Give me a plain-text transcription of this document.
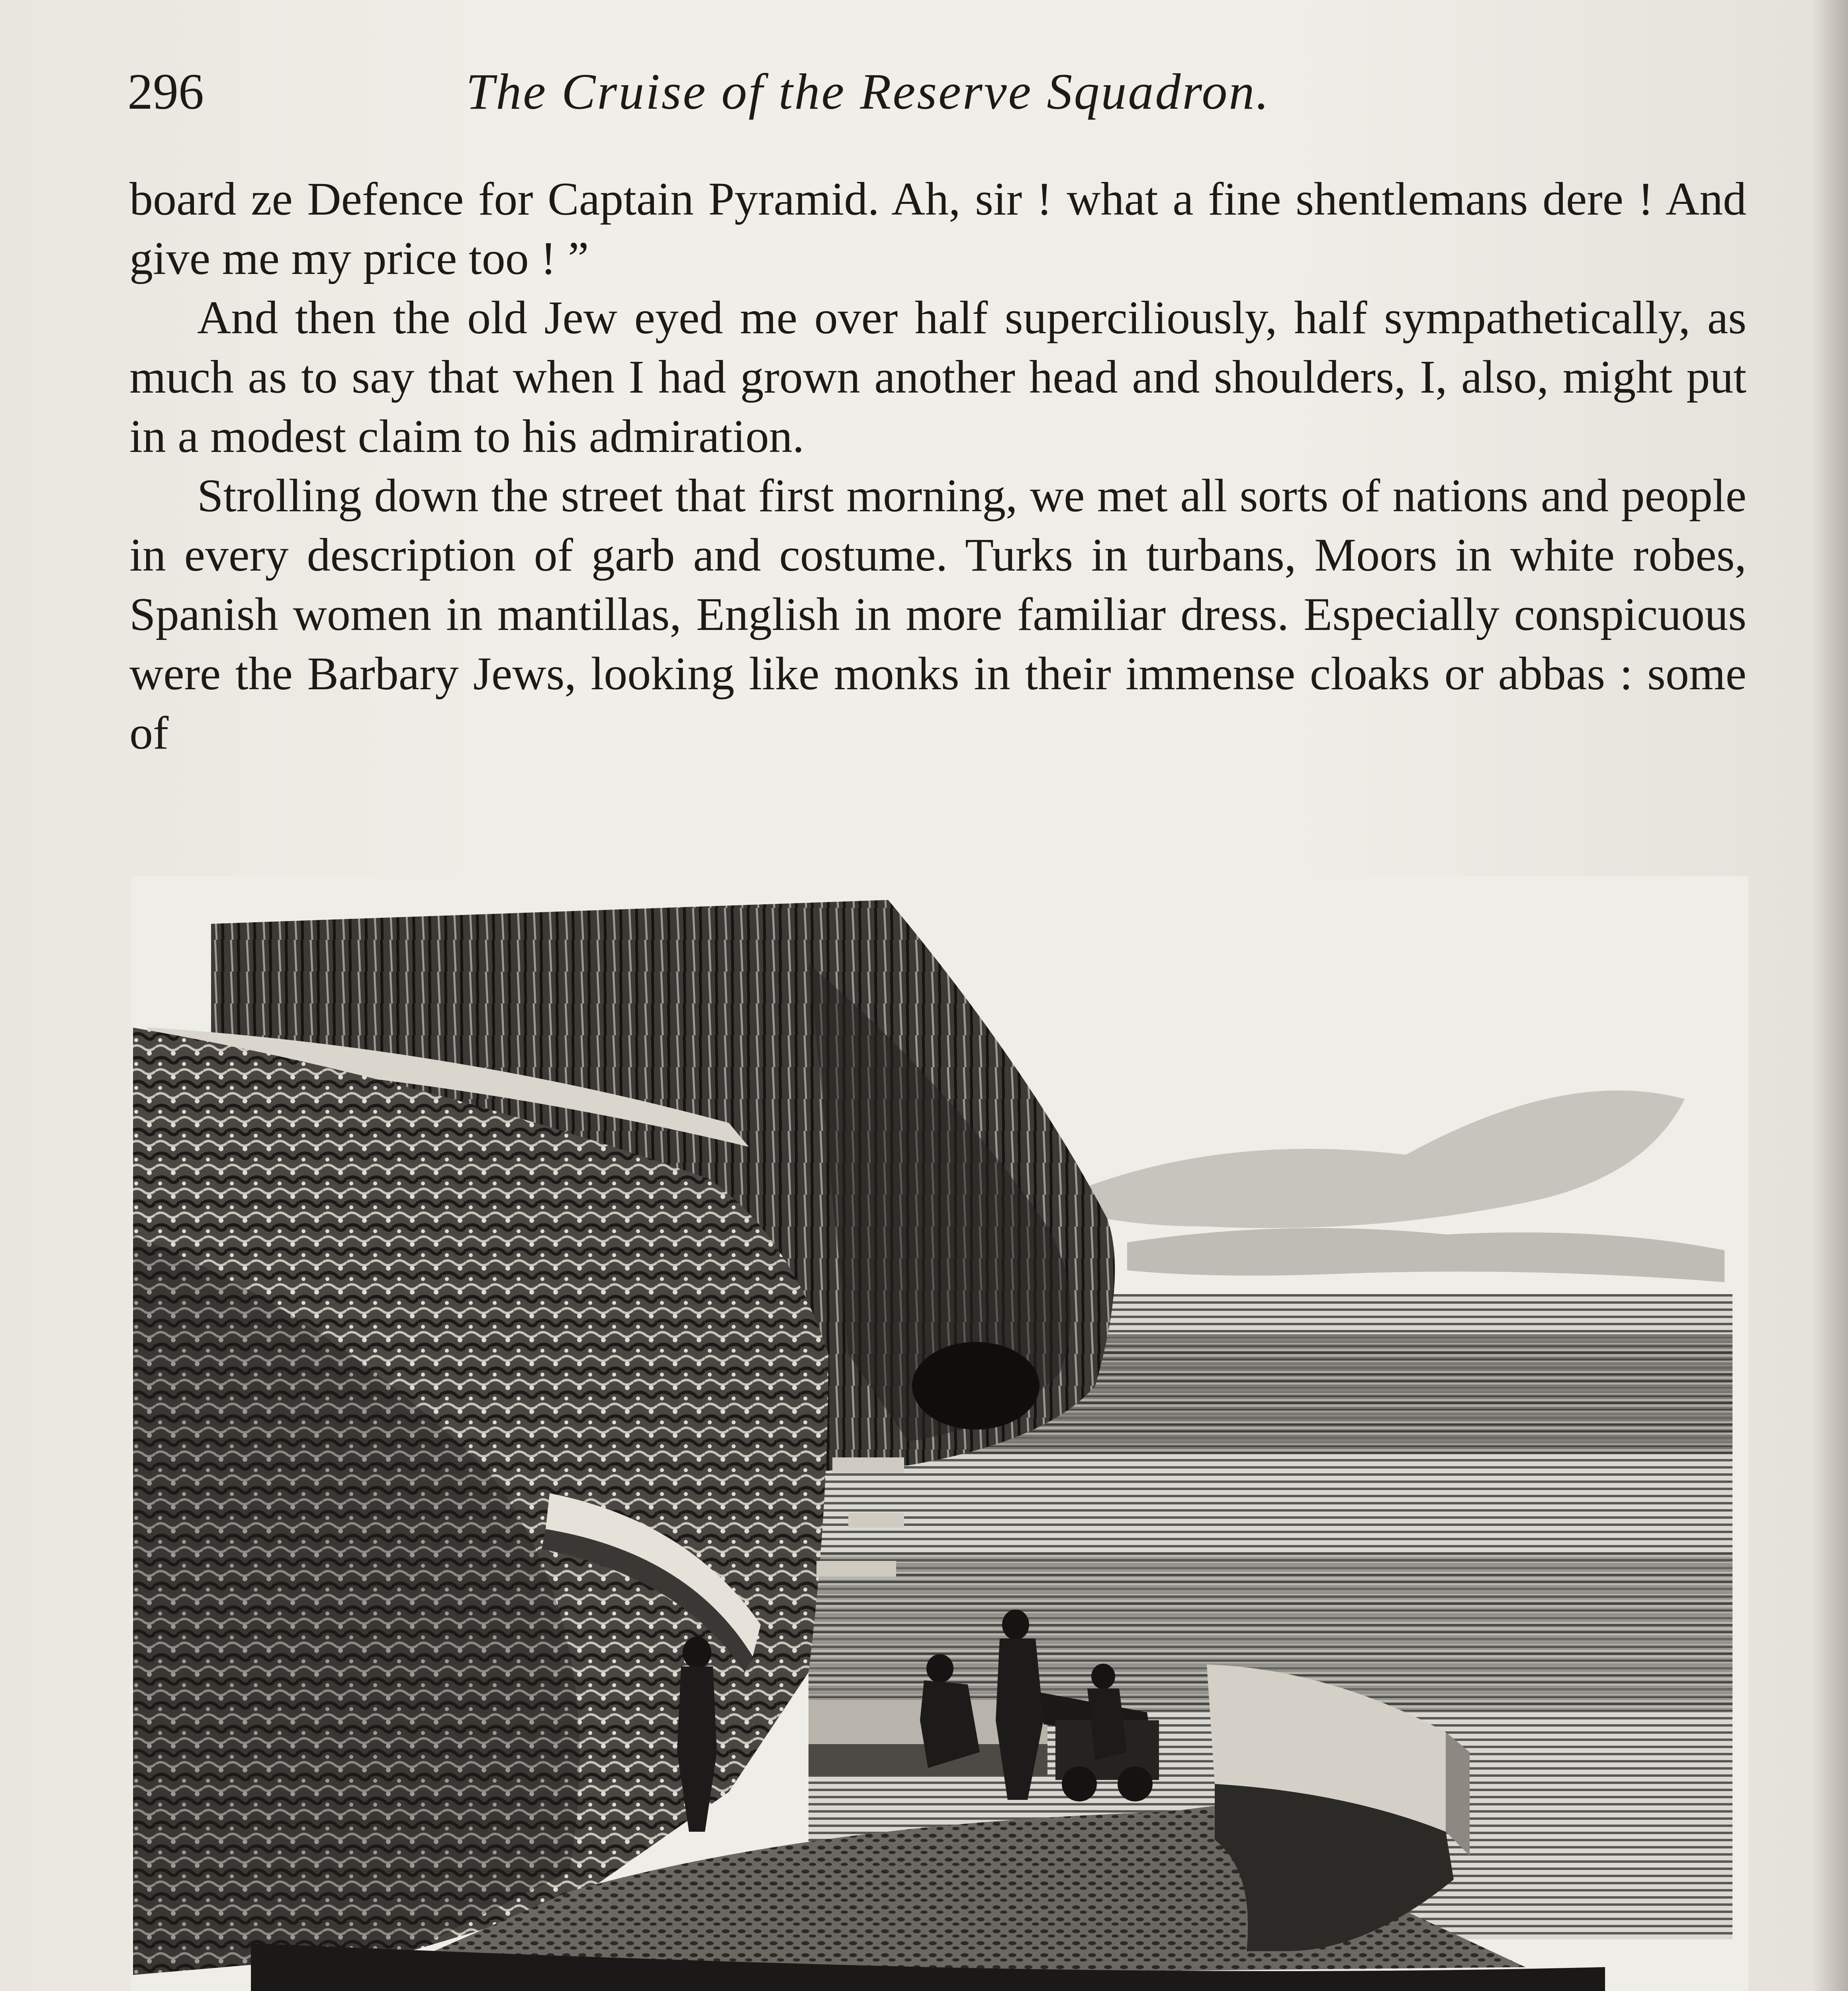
296	The Cruise of the Reserve Squadron.

board ze Defence for Captain Pyramid. Ah, sir ! what a fine shentlemans dere ! And give me my price too ! ”

And then the old Jew eyed me over half superciliously, half sympathetically, as much as to say that when I had grown another head and shoulders, I, also, might put in a modest claim to his admiration.

Strolling down the street that first morning, we met all sorts of nations and people in every description of garb and costume. Turks in turbans, Moors in white robes, Spanish women in mantillas, English in more familiar dress. Especially conspicuous were the Barbary Jews, looking like monks in their immense cloaks or abbas : some of
